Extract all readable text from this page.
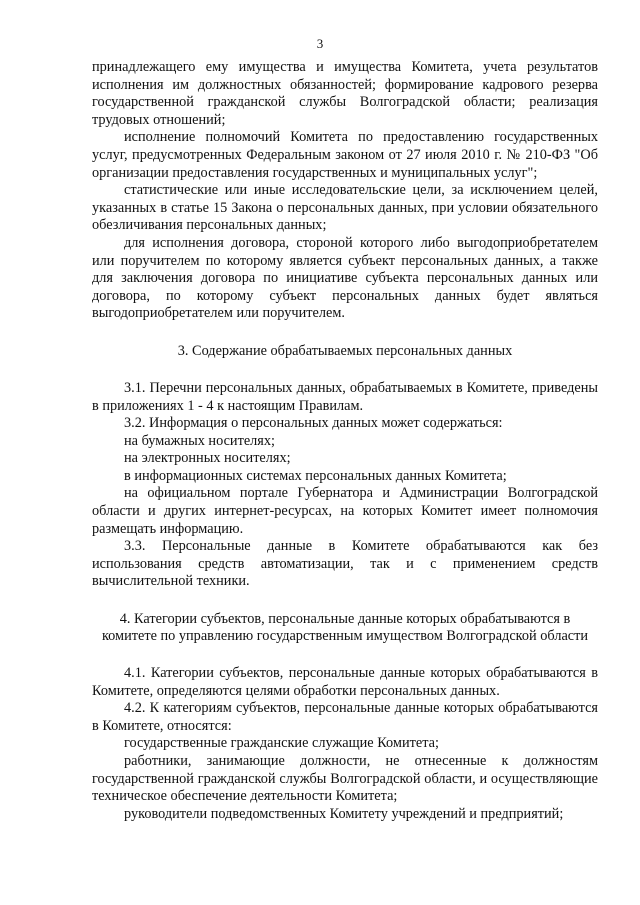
3

принадлежащего ему имущества и имущества Комитета, учета результатов исполнения им должностных обязанностей; формирование кадрового резерва государственной гражданской службы Волгоградской области; реализация трудовых отношений;

исполнение полномочий Комитета по предоставлению государственных услуг, предусмотренных Федеральным законом от 27 июля 2010 г. № 210-ФЗ "Об организации предоставления государственных и муниципальных услуг";

статистические или иные исследовательские цели, за исключением целей, указанных в статье 15 Закона о персональных данных, при условии обязательного обезличивания персональных данных;

для исполнения договора, стороной которого либо выгодоприобретателем или поручителем по которому является субъект персональных данных, а также для заключения договора по инициативе субъекта персональных данных или договора, по которому субъект персональных данных будет являться выгодоприобретателем или поручителем.

3. Содержание обрабатываемых персональных данных

3.1. Перечни персональных данных, обрабатываемых в Комитете, приведены в приложениях 1 - 4 к настоящим Правилам.

3.2. Информация о персональных данных может содержаться:

на бумажных носителях;

на электронных носителях;

в информационных системах персональных данных Комитета;

на официальном портале Губернатора и Администрации Волгоградской области и других интернет-ресурсах, на которых Комитет имеет полномочия размещать информацию.

3.3. Персональные данные в Комитете обрабатываются как без использования средств автоматизации, так и с применением средств вычислительной техники.

4. Категории субъектов, персональные данные которых обрабатываются в комитете по управлению государственным имуществом Волгоградской области

4.1. Категории субъектов, персональные данные которых обрабатываются в Комитете, определяются целями обработки персональных данных.

4.2. К категориям субъектов, персональные данные которых обрабатываются в Комитете, относятся:

государственные гражданские служащие Комитета;

работники, занимающие должности, не отнесенные к должностям государственной гражданской службы Волгоградской области, и осуществляющие техническое обеспечение деятельности Комитета;

руководители подведомственных Комитету учреждений и предприятий;
